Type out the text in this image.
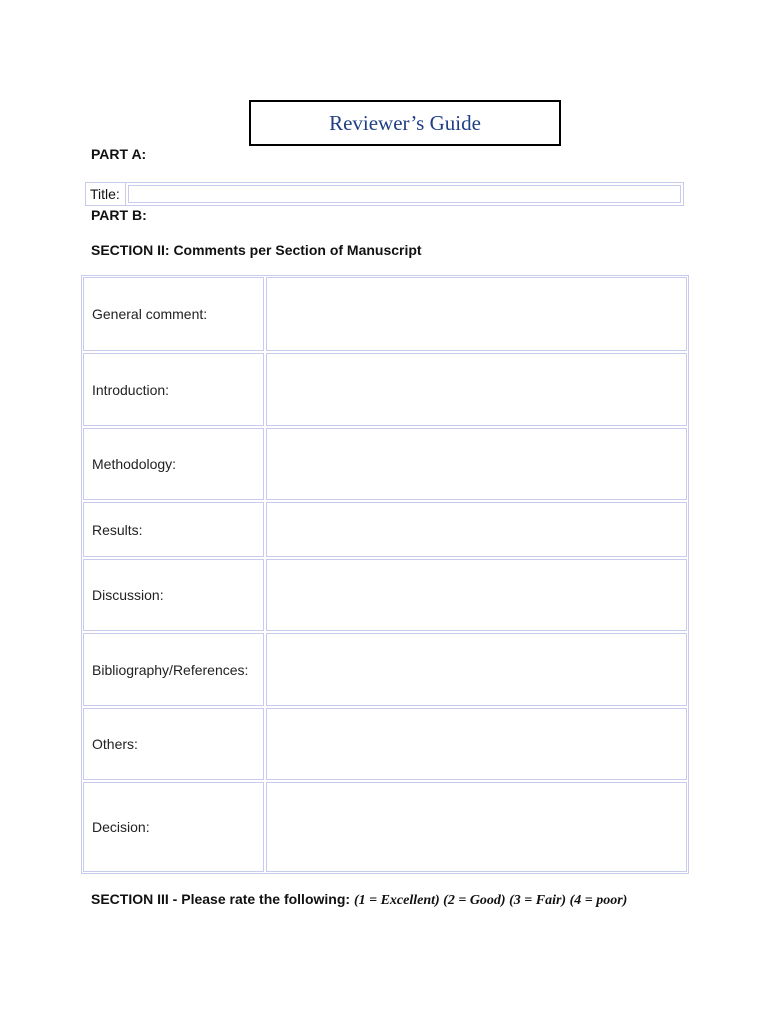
Reviewer’s Guide
PART A:
Title:
PART B:
SECTION II: Comments per Section of Manuscript
General comment:
Introduction:
Methodology:
Results:
Discussion:
Bibliography/References:
Others:
Decision:
SECTION III - Please rate the following: (1 = Excellent) (2 = Good) (3 = Fair) (4 = poor)
